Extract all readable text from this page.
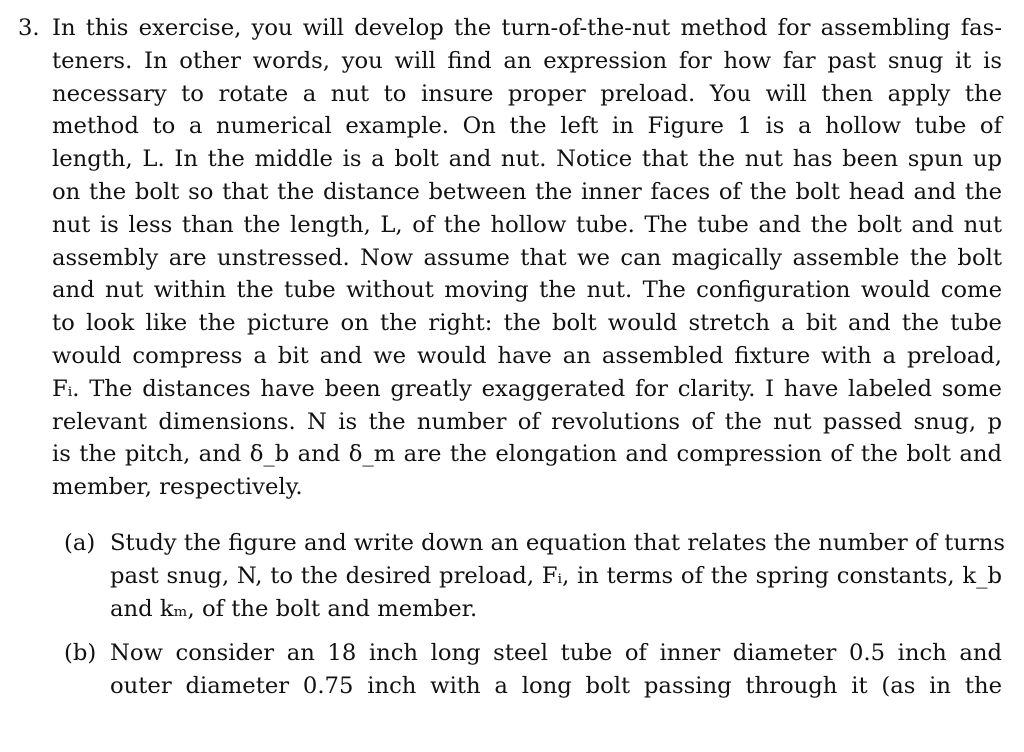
3. In this exercise, you will develop the turn-of-the-nut method for assembling fas-
teners. In other words, you will find an expression for how far past snug it is
necessary to rotate a nut to insure proper preload. You will then apply the
method to a numerical example. On the left in Figure 1 is a hollow tube of
length, L. In the middle is a bolt and nut. Notice that the nut has been spun up
on the bolt so that the distance between the inner faces of the bolt head and the
nut is less than the length, L, of the hollow tube. The tube and the bolt and nut
assembly are unstressed. Now assume that we can magically assemble the bolt
and nut within the tube without moving the nut. The configuration would come
to look like the picture on the right: the bolt would stretch a bit and the tube
would compress a bit and we would have an assembled fixture with a preload,
Fᵢ. The distances have been greatly exaggerated for clarity. I have labeled some
relevant dimensions. N is the number of revolutions of the nut passed snug, p
is the pitch, and δ_b and δ_m are the elongation and compression of the bolt and
member, respectively.
(a) Study the figure and write down an equation that relates the number of turns
past snug, N, to the desired preload, Fᵢ, in terms of the spring constants, k_b
and kₘ, of the bolt and member.
(b) Now consider an 18 inch long steel tube of inner diameter 0.5 inch and
outer diameter 0.75 inch with a long bolt passing through it (as in the
